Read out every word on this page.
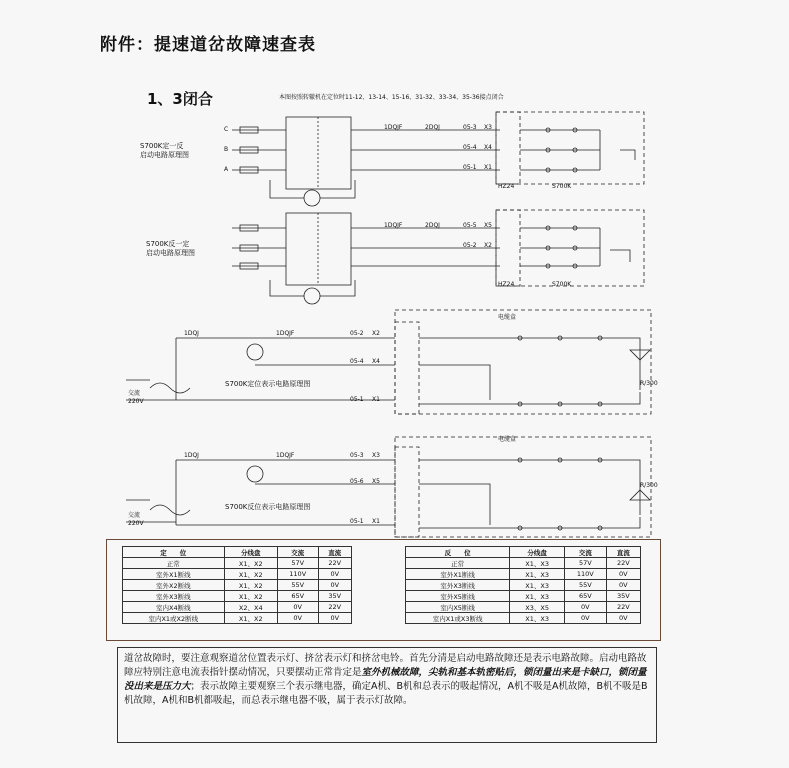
附件：提速道岔故障速查表
1、3闭合	本图按照转辙机在定位时11-12、13-14、15-16、31-32、33-34、35-36接点闭合
S700K定一反
启动电路原理图
S700K反一定
启动电路原理图
S700K定位表示电路原理图
S700K反位表示电路原理图
C
B
A
HZ24	S700K
HZ24	S700K
电缆盒
电缆盒
交流
220V
交流
220V
1DQJF	2DQJ	05-3 X3
05-4 X4
05-1 X1
1DQJF	2DQJ	05-5 X5
05-2 X2
1DQJ	1DQJF	05-2 X2
05-4 X4
05-1 X1
R/300
1DQJ	1DQJF	05-3 X3
05-6 X5
05-1 X1
R/300
定　　位	分线盘	交流	直流
正常	X1、X2	57V	22V
室外X1断线	X1、X2	110V	0V
室外X2断线	X1、X2	55V	0V
室外X3断线	X1、X2	65V	35V
室内X4断线	X2、X4	0V	22V
室内X1或X2断线	X1、X2	0V	0V
反　　位	分线盘	交流	直流
正常	X1、X3	57V	22V
室外X1断线	X1、X3	110V	0V
室外X3断线	X1、X3	55V	0V
室外X5断线	X1、X3	65V	35V
室内X5断线	X3、X5	0V	22V
室内X1或X3断线	X1、X3	0V	0V
道岔故障时，要注意观察道岔位置表示灯、挤岔表示灯和挤岔电铃。首先分清是启动电路故障还是表示电路故障。启动电路故障应特别注意电流表指针摆动情况，只要摆动正常肯定是室外机械故障，尖轨和基本轨密贴后，锁闭量出来是卡缺口，锁闭量没出来是压力大；表示故障主要观察三个表示继电器，确定A机、B机和总表示的吸起情况，A机不吸是A机故障，B机不吸是B机故障，A机和B机都吸起，而总表示继电器不吸，属于表示灯故障。
